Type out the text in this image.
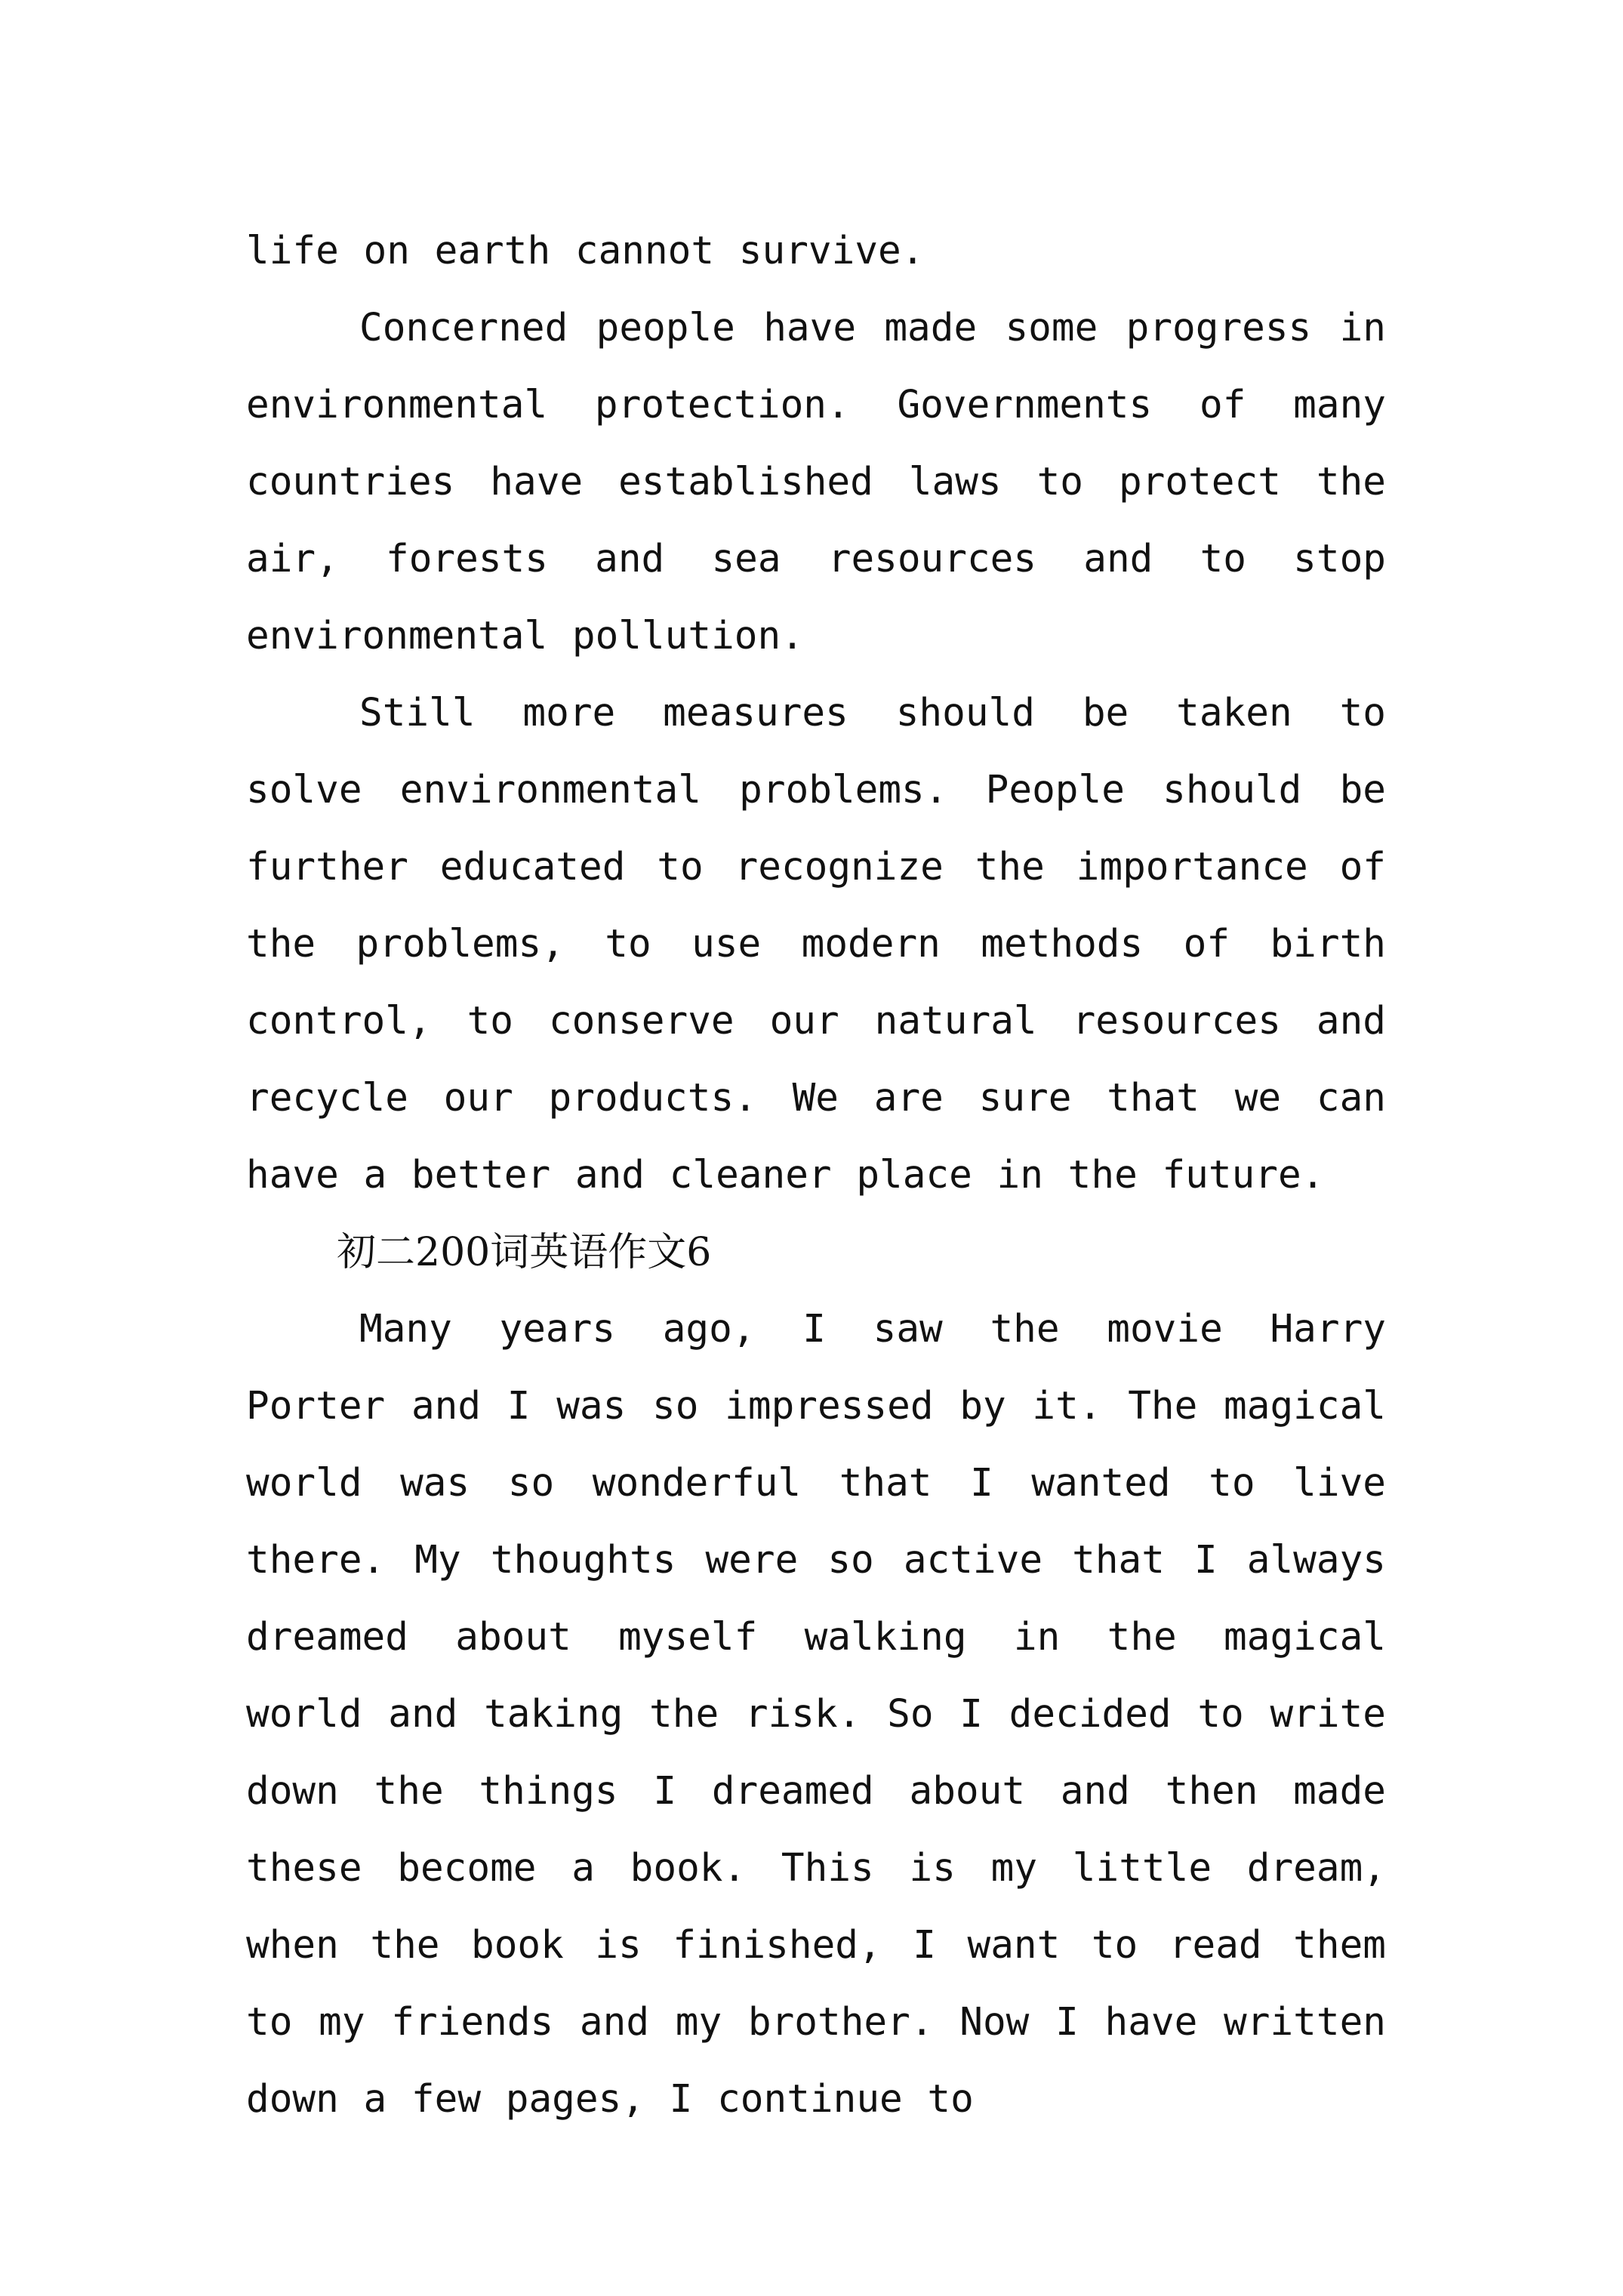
life on earth cannot survive.

Concerned people have made some progress in environmental protection. Governments of many countries have established laws to protect the air, forests and sea resources and to stop environmental pollution.

Still more measures should be taken to solve environmental problems. People should be further educated to recognize the importance of the problems, to use modern methods of birth control, to conserve our natural resources and recycle our products. We are sure that we can have a better and cleaner place in the future.

初二200词英语作文6

Many years ago, I saw the movie Harry Porter and I was so impressed by it. The magical world was so wonderful that I wanted to live there. My thoughts were so active that I always dreamed about myself walking in the magical world and taking the risk. So I decided to write down the things I dreamed about and then made these become a book. This is my little dream, when the book is finished, I want to read them to my friends and my brother. Now I have written down a few pages, I continue to
